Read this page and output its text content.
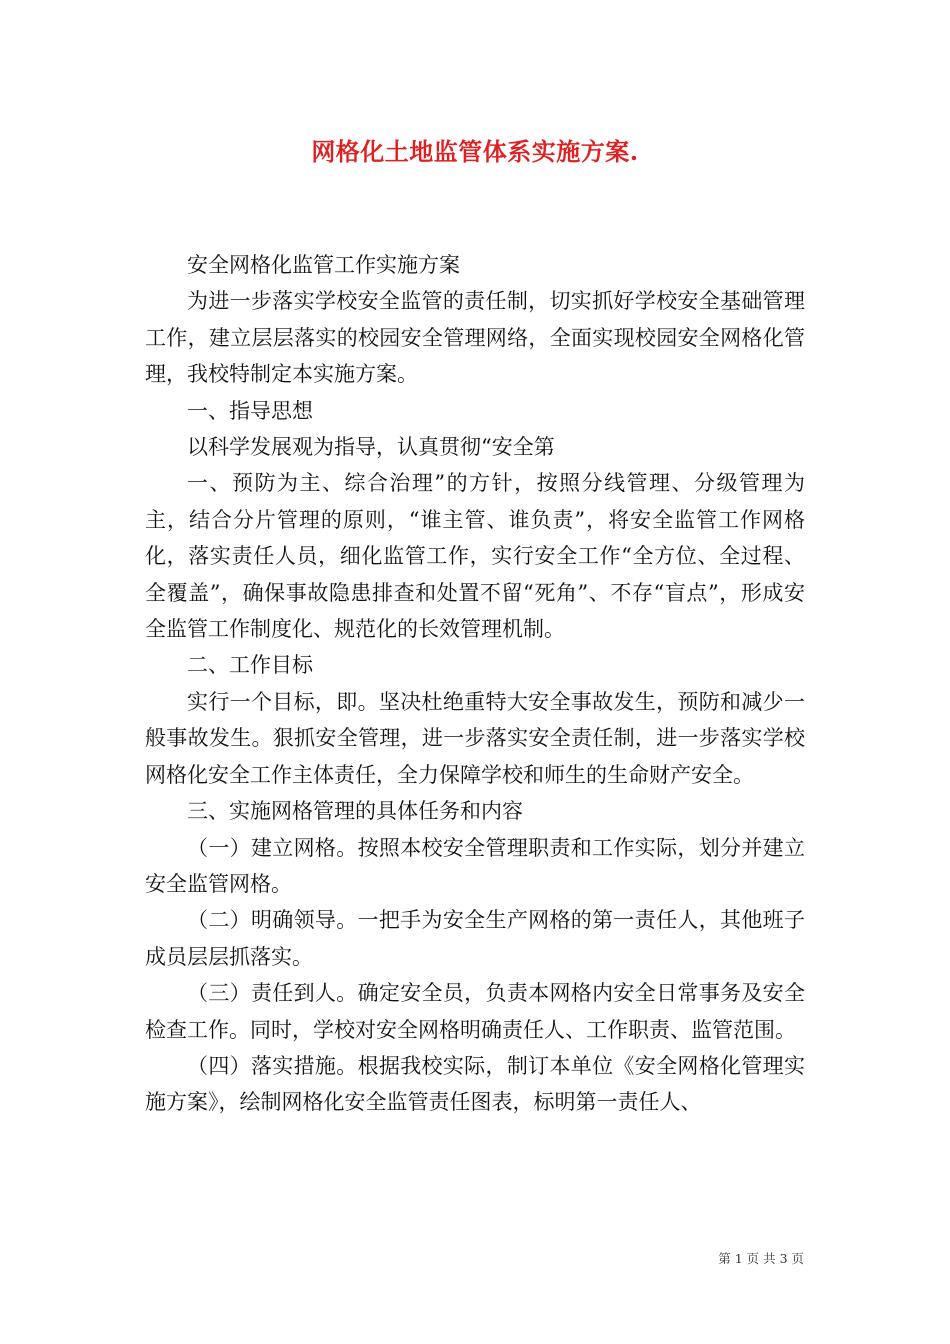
网格化土地监管体系实施方案.

安全网格化监管工作实施方案

为进一步落实学校安全监管的责任制，切实抓好学校安全基础管理工作，建立层层落实的校园安全管理网络，全面实现校园安全网格化管理，我校特制定本实施方案。

一、指导思想

以科学发展观为指导，认真贯彻“安全第

一、预防为主、综合治理”的方针，按照分线管理、分级管理为主，结合分片管理的原则，“谁主管、谁负责”，将安全监管工作网格化，落实责任人员，细化监管工作，实行安全工作“全方位、全过程、全覆盖”，确保事故隐患排查和处置不留“死角”、不存“盲点”，形成安全监管工作制度化、规范化的长效管理机制。

二、工作目标

实行一个目标，即。坚决杜绝重特大安全事故发生，预防和减少一般事故发生。狠抓安全管理，进一步落实安全责任制，进一步落实学校网格化安全工作主体责任，全力保障学校和师生的生命财产安全。

三、实施网格管理的具体任务和内容

（一）建立网格。按照本校安全管理职责和工作实际，划分并建立安全监管网格。

（二）明确领导。一把手为安全生产网格的第一责任人，其他班子成员层层抓落实。

（三）责任到人。确定安全员，负责本网格内安全日常事务及安全检查工作。同时，学校对安全网格明确责任人、工作职责、监管范围。

（四）落实措施。根据我校实际，制订本单位《安全网格化管理实施方案》，绘制网格化安全监管责任图表，标明第一责任人、

第 1 页 共 3 页
